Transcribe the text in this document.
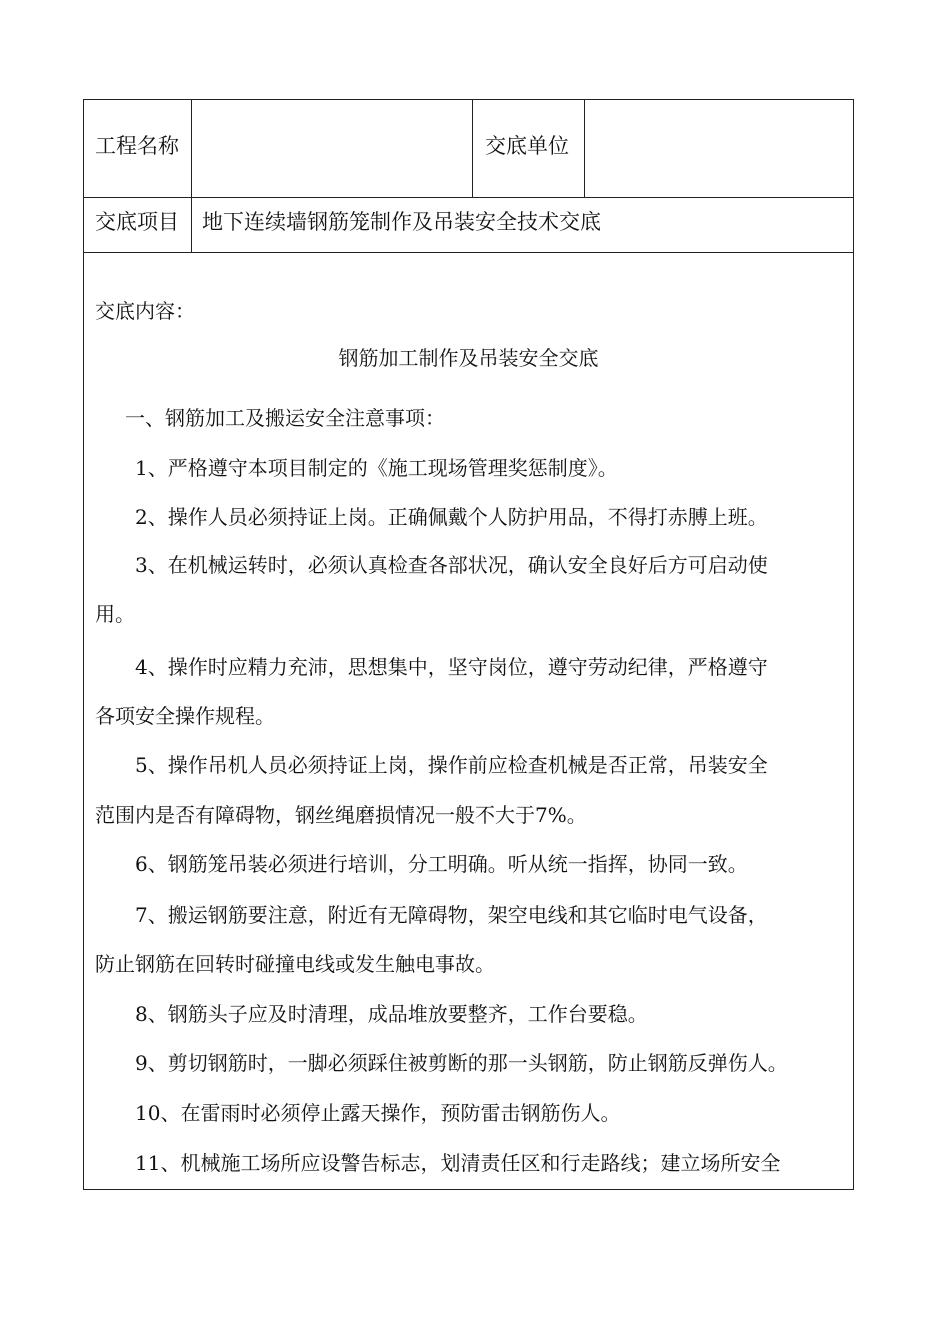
工程名称	交底单位
交底项目 地下连续墙钢筋笼制作及吊装安全技术交底
交底内容：
钢筋加工制作及吊装安全交底
一、钢筋加工及搬运安全注意事项：
1、严格遵守本项目制定的《施工现场管理奖惩制度》。
2、操作人员必须持证上岗。正确佩戴个人防护用品，不得打赤膊上班。
3、在机械运转时，必须认真检查各部状况，确认安全良好后方可启动使
用。
4、操作时应精力充沛，思想集中，坚守岗位，遵守劳动纪律，严格遵守
各项安全操作规程。
5、操作吊机人员必须持证上岗，操作前应检查机械是否正常，吊装安全
范围内是否有障碍物，钢丝绳磨损情况一般不大于7%。
6、钢筋笼吊装必须进行培训，分工明确。听从统一指挥，协同一致。
7、搬运钢筋要注意，附近有无障碍物，架空电线和其它临时电气设备，
防止钢筋在回转时碰撞电线或发生触电事故。
8、钢筋头子应及时清理，成品堆放要整齐，工作台要稳。
9、剪切钢筋时，一脚必须踩住被剪断的那一头钢筋，防止钢筋反弹伤人。
10、在雷雨时必须停止露天操作，预防雷击钢筋伤人。
11、机械施工场所应设警告标志，划清责任区和行走路线；建立场所安全
